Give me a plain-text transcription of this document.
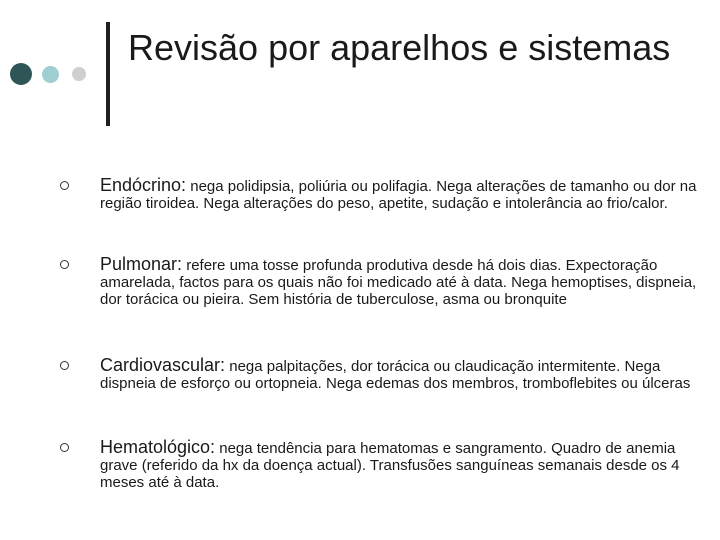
Revisão por aparelhos e sistemas
Endócrino: nega polidipsia, poliúria ou polifagia. Nega alterações de tamanho ou dor na região tiroidea. Nega alterações do peso, apetite, sudação e intolerância ao frio/calor.
Pulmonar: refere uma tosse profunda produtiva desde há dois dias. Expectoração amarelada, factos para os quais não foi medicado até à data. Nega hemoptises, dispneia, dor torácica ou pieira. Sem história de tuberculose, asma ou bronquite
Cardiovascular: nega palpitações, dor torácica ou claudicação intermitente. Nega dispneia de esforço ou ortopneia. Nega edemas dos membros, tromboflebites ou úlceras
Hematológico: nega tendência para hematomas e sangramento. Quadro de anemia grave (referido da hx da doença actual). Transfusões sanguíneas semanais desde os 4 meses até à data.
